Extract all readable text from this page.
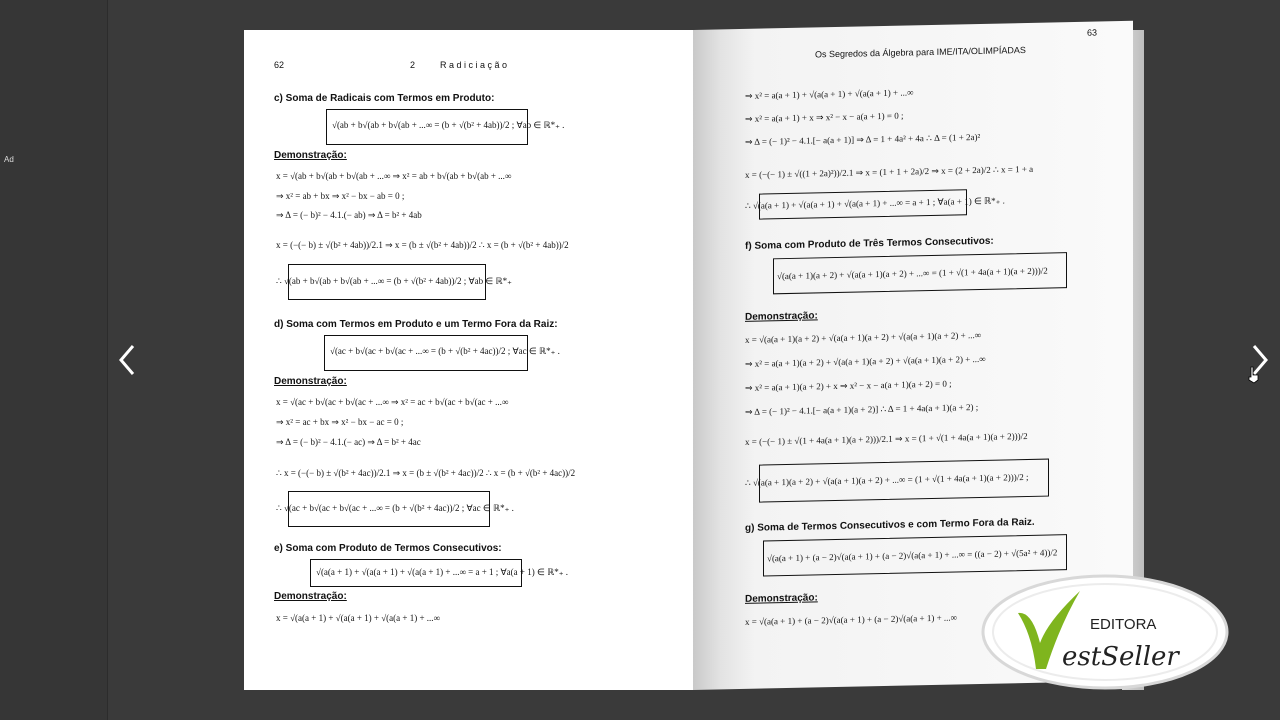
Ad
62	2	R a d i c i a ç ã o
c) Soma de Radicais com Termos em Produto:
√(ab + b√(ab + b√(ab + ...∞ = (b + √(b² + 4ab))/2 ; ∀ab ∈ ℝ*₊ .
Demonstração:
x = √(ab + b√(ab + b√(ab + ...∞ ⇒ x² = ab + b√(ab + b√(ab + ...∞
⇒ x² = ab + bx ⇒ x² − bx − ab = 0 ;
⇒ Δ = (− b)² − 4.1.(− ab) ⇒ Δ = b² + 4ab
x = (−(− b) ± √(b² + 4ab))/2.1 ⇒ x = (b ± √(b² + 4ab))/2 ∴ x = (b + √(b² + 4ab))/2
∴ √(ab + b√(ab + b√(ab + ...∞ = (b + √(b² + 4ab))/2 ; ∀ab ∈ ℝ*₊
d) Soma com Termos em Produto e um Termo Fora da Raiz:
√(ac + b√(ac + b√(ac + ...∞ = (b + √(b² + 4ac))/2 ; ∀ac ∈ ℝ*₊ .
Demonstração:
x = √(ac + b√(ac + b√(ac + ...∞ ⇒ x² = ac + b√(ac + b√(ac + ...∞
⇒ x² = ac + bx ⇒ x² − bx − ac = 0 ;
⇒ Δ = (− b)² − 4.1.(− ac) ⇒ Δ = b² + 4ac
∴ x = (−(− b) ± √(b² + 4ac))/2.1 ⇒ x = (b ± √(b² + 4ac))/2 ∴ x = (b + √(b² + 4ac))/2
∴ √(ac + b√(ac + b√(ac + ...∞ = (b + √(b² + 4ac))/2 ; ∀ac ∈ ℝ*₊ .
e) Soma com Produto de Termos Consecutivos:
√(a(a + 1) + √(a(a + 1) + √(a(a + 1) + ...∞ = a + 1 ; ∀a(a + 1) ∈ ℝ*₊ .
Demonstração:
x = √(a(a + 1) + √(a(a + 1) + √(a(a + 1) + ...∞
63
Os Segredos da Álgebra para IME/ITA/OLIMPÍADAS
⇒ x² = a(a + 1) + √(a(a + 1) + √(a(a + 1) + ...∞
⇒ x² = a(a + 1) + x ⇒ x² − x − a(a + 1) = 0 ;
⇒ Δ = (− 1)² − 4.1.[− a(a + 1)] ⇒ Δ = 1 + 4a² + 4a ∴ Δ = (1 + 2a)²
x = (−(− 1) ± √((1 + 2a)²))/2.1 ⇒ x = (1 + 1 + 2a)/2 ⇒ x = (2 + 2a)/2 ∴ x = 1 + a
∴ √(a(a + 1) + √(a(a + 1) + √(a(a + 1) + ...∞ = a + 1 ; ∀a(a + 1) ∈ ℝ*₊ .
f) Soma com Produto de Três Termos Consecutivos:
√(a(a + 1)(a + 2) + √(a(a + 1)(a + 2) + ...∞ = (1 + √(1 + 4a(a + 1)(a + 2)))/2
Demonstração:
x = √(a(a + 1)(a + 2) + √(a(a + 1)(a + 2) + √(a(a + 1)(a + 2) + ...∞
⇒ x² = a(a + 1)(a + 2) + √(a(a + 1)(a + 2) + √(a(a + 1)(a + 2) + ...∞
⇒ x² = a(a + 1)(a + 2) + x ⇒ x² − x − a(a + 1)(a + 2) = 0 ;
⇒ Δ = (− 1)² − 4.1.[− a(a + 1)(a + 2)] ∴ Δ = 1 + 4a(a + 1)(a + 2) ;
x = (−(− 1) ± √(1 + 4a(a + 1)(a + 2)))/2.1 ⇒ x = (1 + √(1 + 4a(a + 1)(a + 2)))/2
∴ √(a(a + 1)(a + 2) + √(a(a + 1)(a + 2) + ...∞ = (1 + √(1 + 4a(a + 1)(a + 2)))/2 ;
g) Soma de Termos Consecutivos e com Termo Fora da Raiz.
√(a(a + 1) + (a − 2)√(a(a + 1) + (a − 2)√(a(a + 1) + ...∞ = ((a − 2) + √(5a² + 4))/2
Demonstração:
x = √(a(a + 1) + (a − 2)√(a(a + 1) + (a − 2)√(a(a + 1) + ...∞	EDITORA
estSeller
